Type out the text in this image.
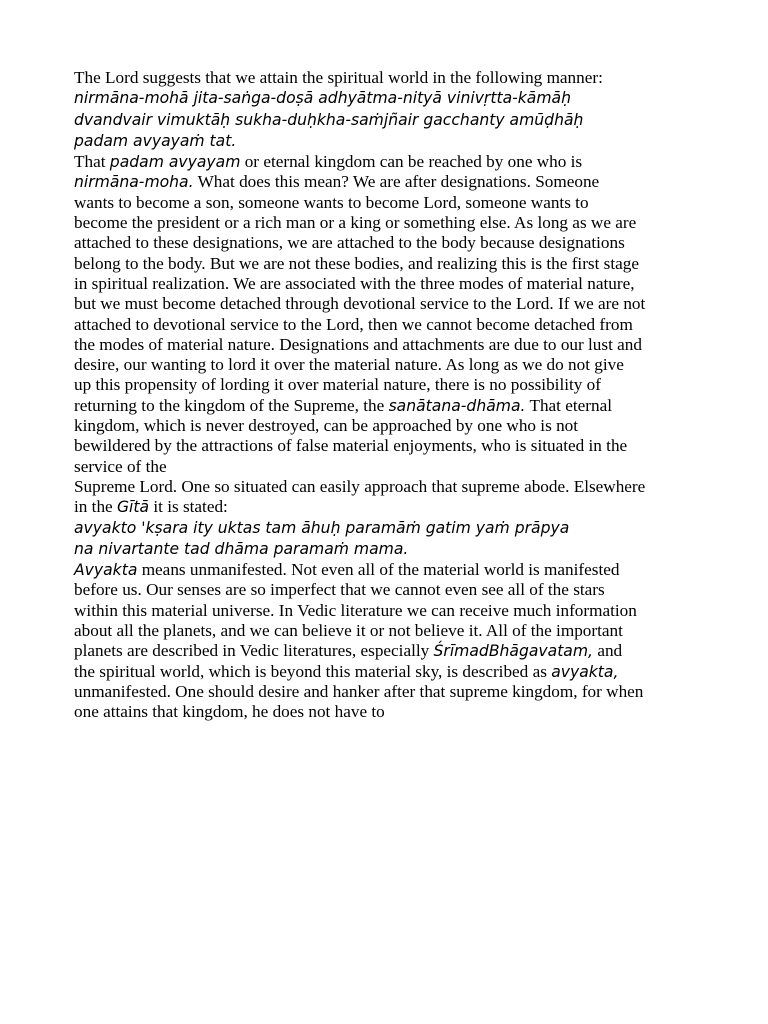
The Lord suggests that we attain the spiritual world in the following manner:
nirmāna-mohā jita-saṅga-doṣā adhyātma-nityā vinivṛtta-kāmāḥ
dvandvair vimuktāḥ sukha-duḥkha-saṁjñair gacchanty amūḍhāḥ
padam avyayaṁ tat.
That padam avyayam or eternal kingdom can be reached by one who is
nirmāna-moha. What does this mean? We are after designations. Someone
wants to become a son, someone wants to become Lord, someone wants to
become the president or a rich man or a king or something else. As long as we are
attached to these designations, we are attached to the body because designations
belong to the body. But we are not these bodies, and realizing this is the first stage
in spiritual realization. We are associated with the three modes of material nature,
but we must become detached through devotional service to the Lord. If we are not
attached to devotional service to the Lord, then we cannot become detached from
the modes of material nature. Designations and attachments are due to our lust and
desire, our wanting to lord it over the material nature. As long as we do not give
up this propensity of lording it over material nature, there is no possibility of
returning to the kingdom of the Supreme, the sanātana-dhāma. That eternal
kingdom, which is never destroyed, can be approached by one who is not
bewildered by the attractions of false material enjoyments, who is situated in the
service of the
Supreme Lord. One so situated can easily approach that supreme abode. Elsewhere
in the Gītā it is stated:
avyakto 'kṣara ity uktas tam āhuḥ paramāṁ gatim yaṁ prāpya
na nivartante tad dhāma paramaṁ mama.
Avyakta means unmanifested. Not even all of the material world is manifested
before us. Our senses are so imperfect that we cannot even see all of the stars
within this material universe. In Vedic literature we can receive much information
about all the planets, and we can believe it or not believe it. All of the important
planets are described in Vedic literatures, especially ŚrīmadBhāgavatam, and
the spiritual world, which is beyond this material sky, is described as avyakta,
unmanifested. One should desire and hanker after that supreme kingdom, for when
one attains that kingdom, he does not have to
